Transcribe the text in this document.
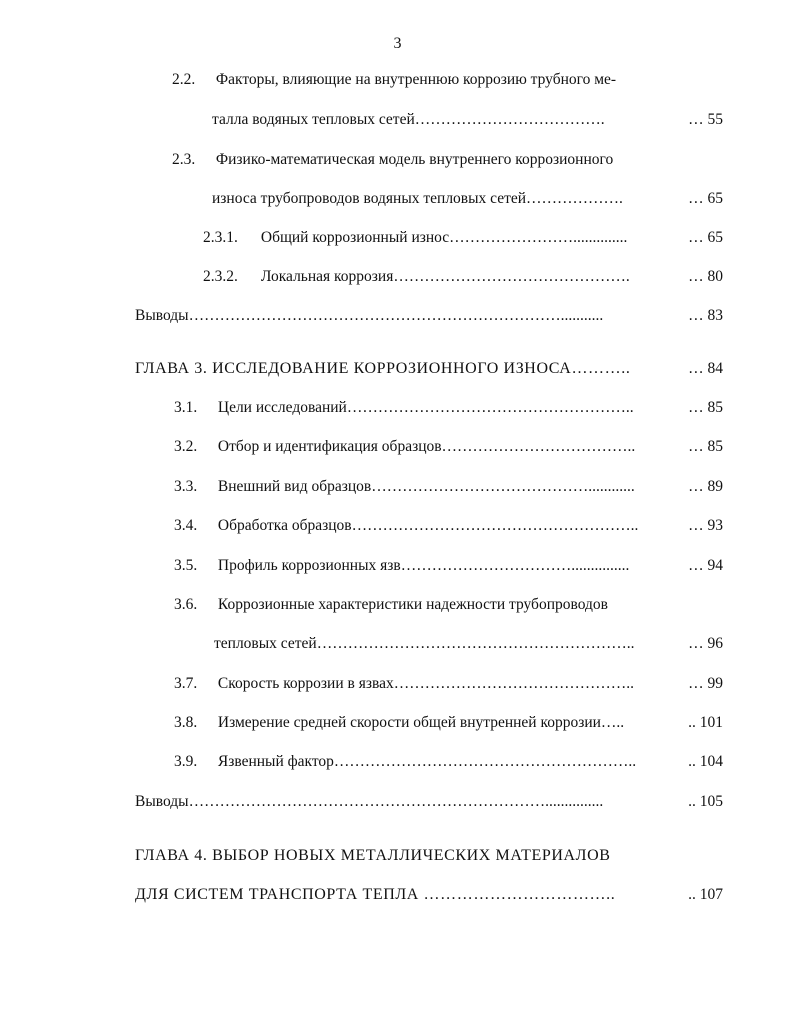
3
2.2. Факторы, влияющие на внутреннюю коррозию трубного ме-
талла водяных тепловых сетей……………………………….	… 55
2.3. Физико-математическая модель внутреннего коррозионного
износа трубопроводов водяных тепловых сетей……………….	… 65
2.3.1. Общий коррозионный износ……………………..............	… 65
2.3.2. Локальная коррозия……………………………………….	… 80
Выводы………………………………………………………………...........	… 83
ГЛАВА 3. ИССЛЕДОВАНИЕ КОРРОЗИОННОГО ИЗНОСА………..	… 84
3.1. Цели исследований………………………………………………..	… 85
3.2. Отбор и идентификация образцов………………………………..	… 85
3.3. Внешний вид образцов……………………………………............	… 89
3.4. Обработка образцов………………………………………………..	… 93
3.5. Профиль коррозионных язв……………………………...............	… 94
3.6. Коррозионные характеристики надежности трубопроводов
тепловых сетей……………………………………………………..	… 96
3.7. Скорость коррозии в язвах………………………………………..	… 99
3.8. Измерение средней скорости общей внутренней коррозии…..	.. 101
3.9. Язвенный фактор…………………………………………………..	.. 104
Выводы……………………………………………………………...............	.. 105
ГЛАВА 4. ВЫБОР НОВЫХ МЕТАЛЛИЧЕСКИХ МАТЕРИАЛОВ
ДЛЯ СИСТЕМ ТРАНСПОРТА ТЕПЛА ……………………………..	.. 107
